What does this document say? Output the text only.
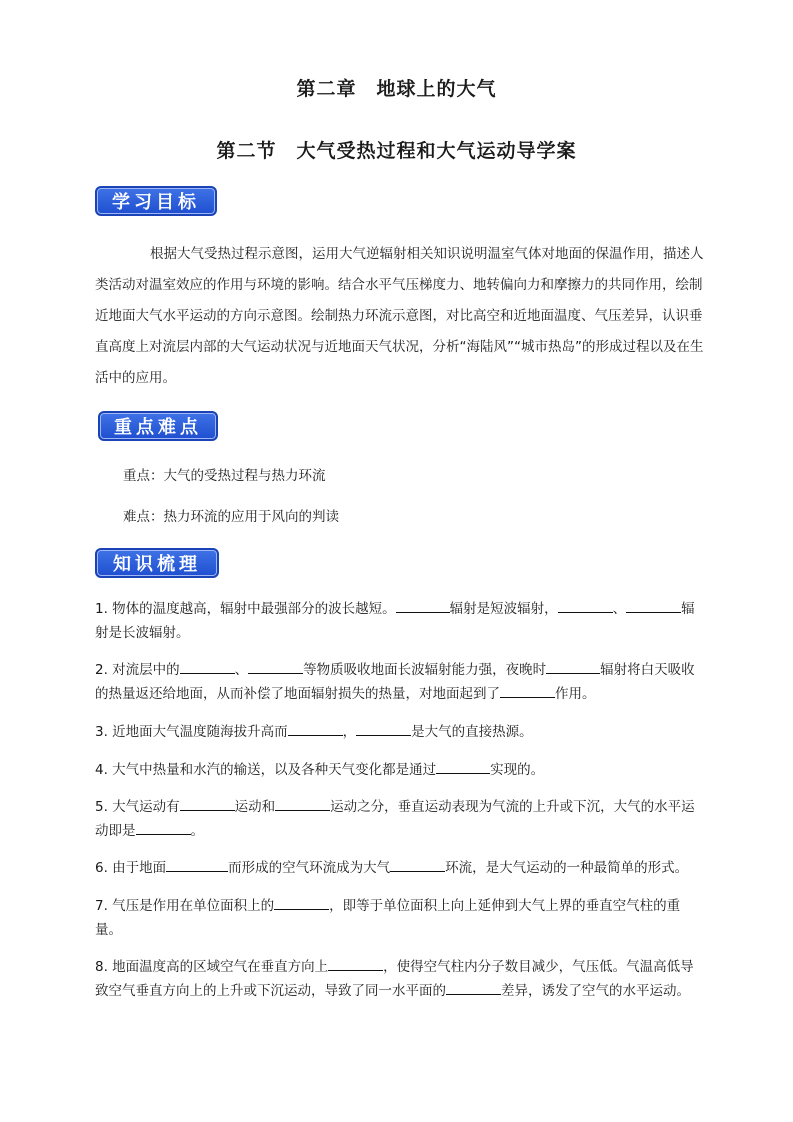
第二章　地球上的大气
第二节　大气受热过程和大气运动导学案
学习目标
根据大气受热过程示意图，运用大气逆辐射相关知识说明温室气体对地面的保温作用，描述人类活动对温室效应的作用与环境的影响。结合水平气压梯度力、地转偏向力和摩擦力的共同作用，绘制近地面大气水平运动的方向示意图。绘制热力环流示意图，对比高空和近地面温度、气压差异，认识垂直高度上对流层内部的大气运动状况与近地面天气状况，分析“海陆风”“城市热岛”的形成过程以及在生活中的应用。
重点难点
重点：大气的受热过程与热力环流
难点：热力环流的应用于风向的判读
知识梳理
1. 物体的温度越高，辐射中最强部分的波长越短。	辐射是短波辐射，	、	辐射是长波辐射。
2. 对流层中的	、	等物质吸收地面长波辐射能力强，夜晚时	辐射将白天吸收的热量返还给地面，从而补偿了地面辐射损失的热量，对地面起到了	作用。
3. 近地面大气温度随海拔升高而	，	是大气的直接热源。
4. 大气中热量和水汽的输送，以及各种天气变化都是通过	实现的。
5. 大气运动有	运动和	运动之分，垂直运动表现为气流的上升或下沉，大气的水平运动即是	。
6. 由于地面	而形成的空气环流成为大气	环流，是大气运动的一种最简单的形式。
7. 气压是作用在单位面积上的	，即等于单位面积上向上延伸到大气上界的垂直空气柱的重量。
8. 地面温度高的区域空气在垂直方向上	，使得空气柱内分子数目减少，气压低。气温高低导致空气垂直方向上的上升或下沉运动，导致了同一水平面的	差异，诱发了空气的水平运动。
